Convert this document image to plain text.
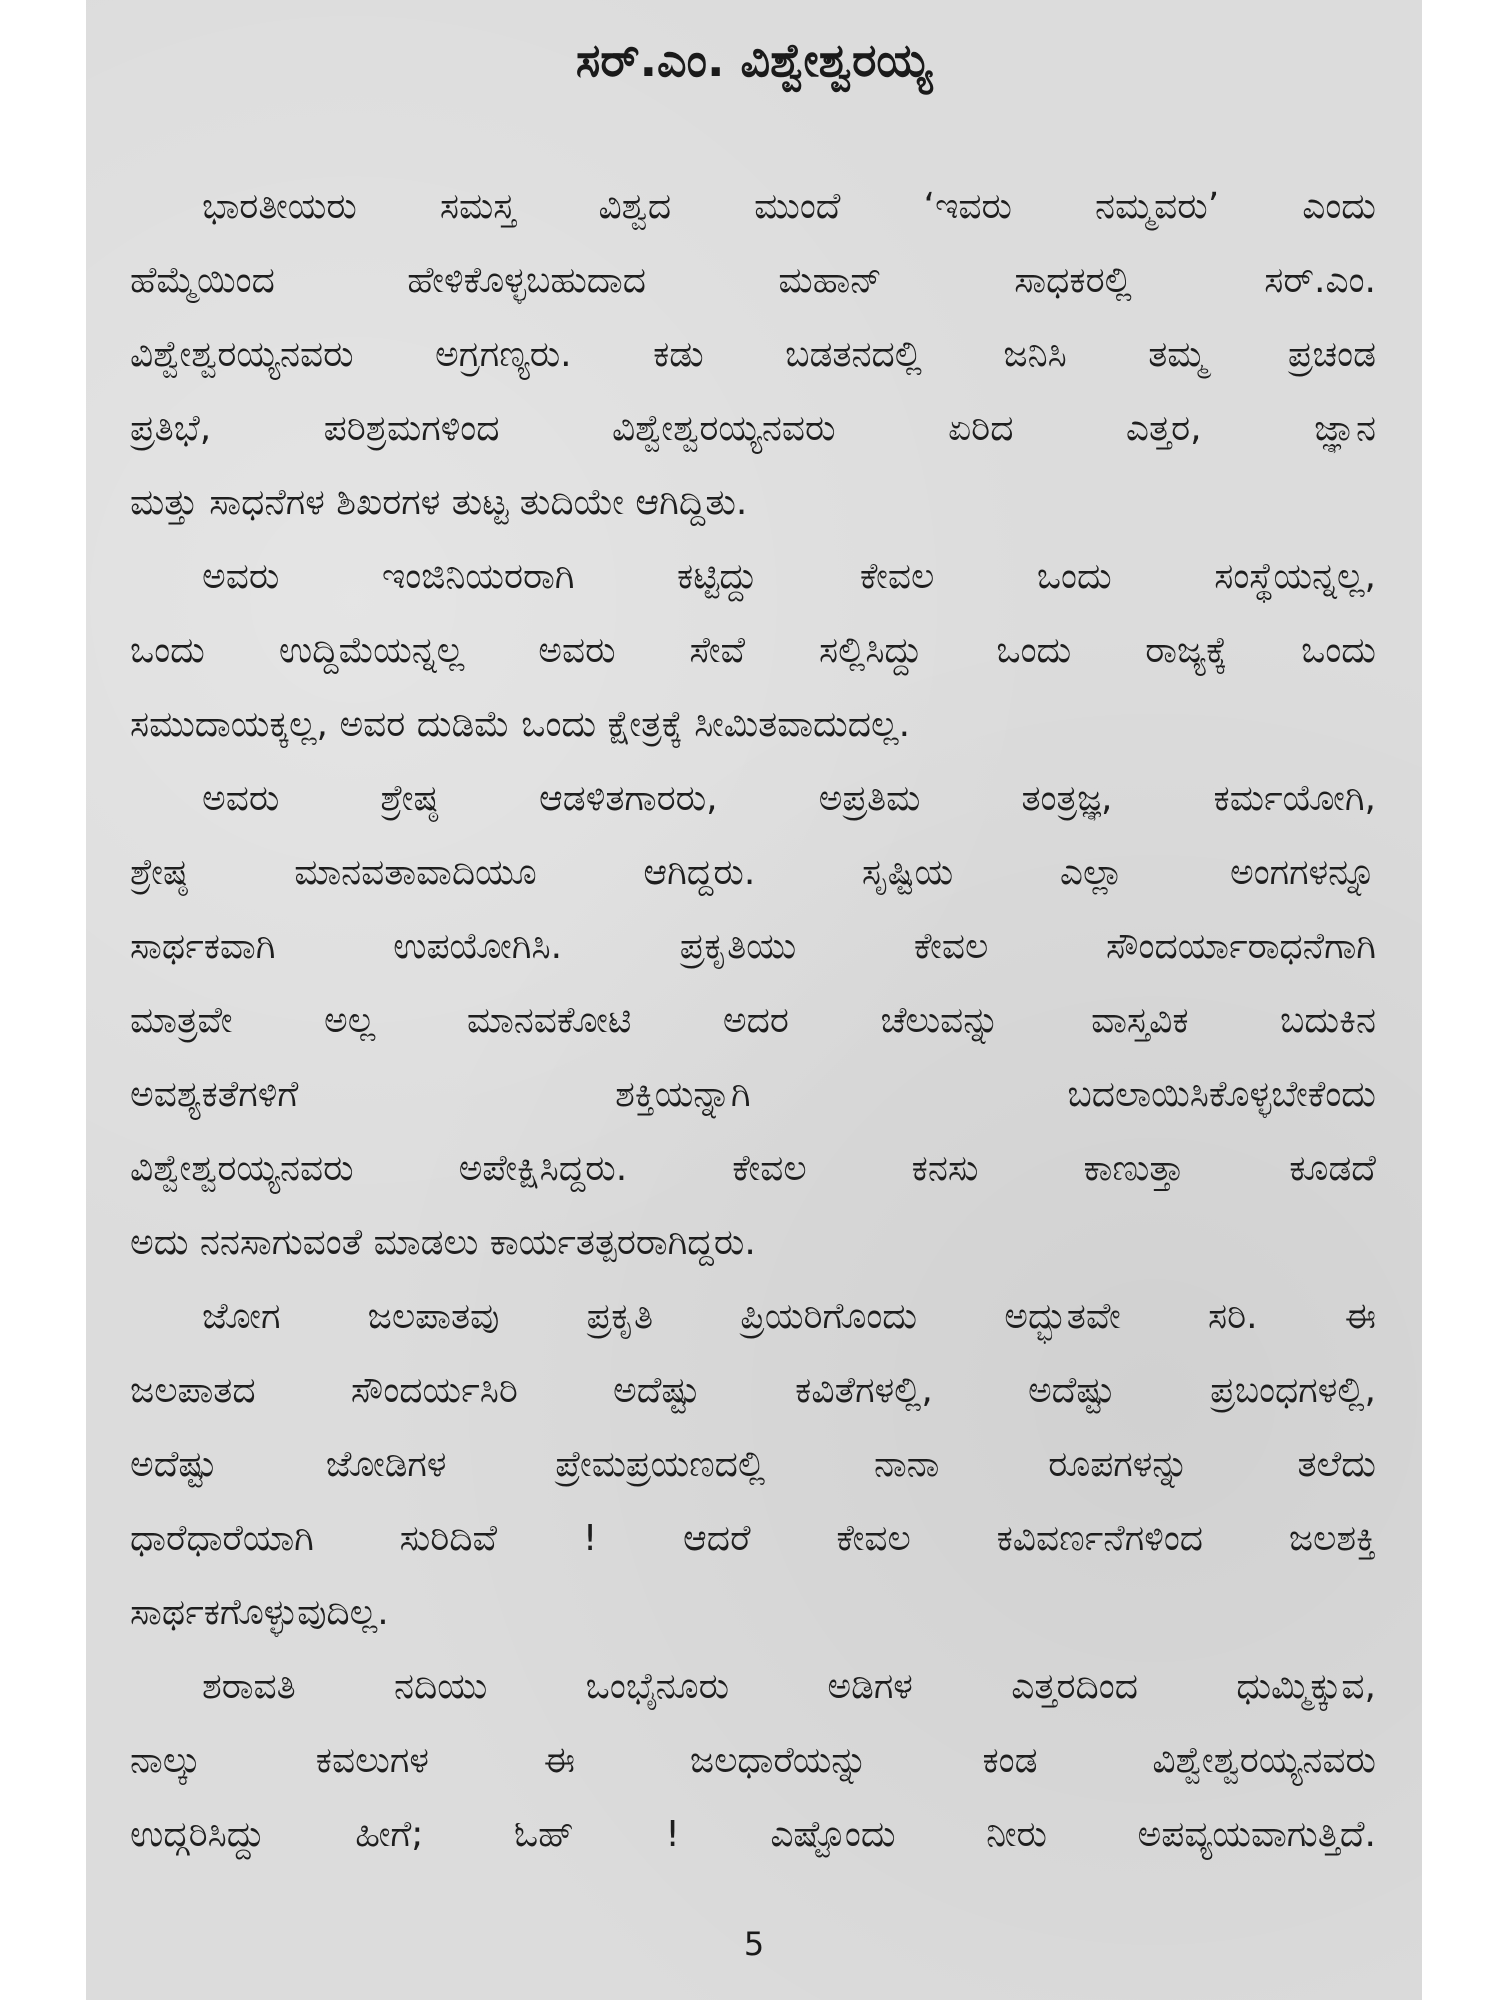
ಸರ್.ಎಂ. ವಿಶ್ವೇಶ್ವರಯ್ಯ
ಭಾರತೀಯರು ಸಮಸ್ತ ವಿಶ್ವದ ಮುಂದೆ ‘ಇವರು ನಮ್ಮವರು’ ಎಂದು
ಹೆಮ್ಮೆಯಿಂದ ಹೇಳಿಕೊಳ್ಳಬಹುದಾದ ಮಹಾನ್ ಸಾಧಕರಲ್ಲಿ ಸರ್.ಎಂ.
ವಿಶ್ವೇಶ್ವರಯ್ಯನವರು ಅಗ್ರಗಣ್ಯರು. ಕಡು ಬಡತನದಲ್ಲಿ ಜನಿಸಿ ತಮ್ಮ ಪ್ರಚಂಡ
ಪ್ರತಿಭೆ, ಪರಿಶ್ರಮಗಳಿಂದ ವಿಶ್ವೇಶ್ವರಯ್ಯನವರು ಏರಿದ ಎತ್ತರ, ಜ್ಞಾನ
ಮತ್ತು ಸಾಧನೆಗಳ ಶಿಖರಗಳ ತುಟ್ಟ ತುದಿಯೇ ಆಗಿದ್ದಿತು.
ಅವರು ಇಂಜಿನಿಯರರಾಗಿ ಕಟ್ಟಿದ್ದು ಕೇವಲ ಒಂದು ಸಂಸ್ಥೆಯನ್ನಲ್ಲ,
ಒಂದು ಉದ್ದಿಮೆಯನ್ನಲ್ಲ ಅವರು ಸೇವೆ ಸಲ್ಲಿಸಿದ್ದು ಒಂದು ರಾಜ್ಯಕ್ಕೆ ಒಂದು
ಸಮುದಾಯಕ್ಕಲ್ಲ, ಅವರ ದುಡಿಮೆ ಒಂದು ಕ್ಷೇತ್ರಕ್ಕೆ ಸೀಮಿತವಾದುದಲ್ಲ.
ಅವರು ಶ್ರೇಷ್ಠ ಆಡಳಿತಗಾರರು, ಅಪ್ರತಿಮ ತಂತ್ರಜ್ಞ, ಕರ್ಮಯೋಗಿ,
ಶ್ರೇಷ್ಠ ಮಾನವತಾವಾದಿಯೂ ಆಗಿದ್ದರು. ಸೃಷ್ಟಿಯ ಎಲ್ಲಾ ಅಂಗಗಳನ್ನೂ
ಸಾರ್ಥಕವಾಗಿ ಉಪಯೋಗಿಸಿ. ಪ್ರಕೃತಿಯು ಕೇವಲ ಸೌಂದರ್ಯಾರಾಧನೆಗಾಗಿ
ಮಾತ್ರವೇ ಅಲ್ಲ ಮಾನವಕೋಟಿ ಅದರ ಚೆಲುವನ್ನು ವಾಸ್ತವಿಕ ಬದುಕಿನ
ಅವಶ್ಯಕತೆಗಳಿಗೆ ಶಕ್ತಿಯನ್ನಾಗಿ ಬದಲಾಯಿಸಿಕೊಳ್ಳಬೇಕೆಂದು
ವಿಶ್ವೇಶ್ವರಯ್ಯನವರು ಅಪೇಕ್ಷಿಸಿದ್ದರು. ಕೇವಲ ಕನಸು ಕಾಣುತ್ತಾ ಕೂಡದೆ
ಅದು ನನಸಾಗುವಂತೆ ಮಾಡಲು ಕಾರ್ಯತತ್ಪರರಾಗಿದ್ದರು.
ಜೋಗ ಜಲಪಾತವು ಪ್ರಕೃತಿ ಪ್ರಿಯರಿಗೊಂದು ಅದ್ಭುತವೇ ಸರಿ. ಈ
ಜಲಪಾತದ ಸೌಂದರ್ಯಸಿರಿ ಅದೆಷ್ಟು ಕವಿತೆಗಳಲ್ಲಿ, ಅದೆಷ್ಟು ಪ್ರಬಂಧಗಳಲ್ಲಿ,
ಅದೆಷ್ಟು ಜೋಡಿಗಳ ಪ್ರೇಮಪ್ರಯಣದಲ್ಲಿ ನಾನಾ ರೂಪಗಳನ್ನು ತಲೆದು
ಧಾರೆಧಾರೆಯಾಗಿ ಸುರಿದಿವೆ ! ಆದರೆ ಕೇವಲ ಕವಿವರ್ಣನೆಗಳಿಂದ ಜಲಶಕ್ತಿ
ಸಾರ್ಥಕಗೊಳ್ಳುವುದಿಲ್ಲ.
ಶರಾವತಿ ನದಿಯು ಒಂಭೈನೂರು ಅಡಿಗಳ ಎತ್ತರದಿಂದ ಧುಮ್ಮಿಕ್ಕುವ,
ನಾಲ್ಕು ಕವಲುಗಳ ಈ ಜಲಧಾರೆಯನ್ನು ಕಂಡ ವಿಶ್ವೇಶ್ವರಯ್ಯನವರು
ಉದ್ಗರಿಸಿದ್ದು ಹೀಗೆ; ಓಹ್ ! ಎಷ್ಟೊಂದು ನೀರು ಅಪವ್ಯಯವಾಗುತ್ತಿದೆ.
5
